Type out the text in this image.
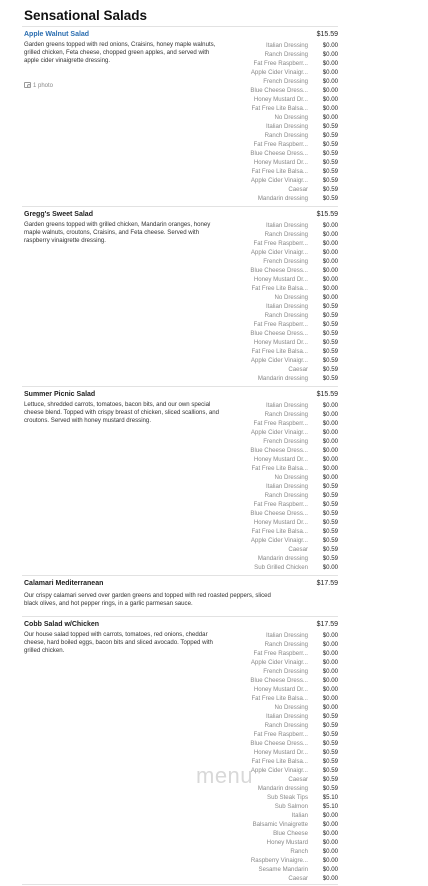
Sensational Salads
Apple Walnut Salad	$15.59
Garden greens topped with red onions, Craisins, honey maple walnuts, grilled chicken, Feta cheese, chopped green apples, and served with apple cider vinaigrette dressing.
1 photo
Italian Dressing $0.00
Ranch Dressing $0.00
Fat Free Raspberr... $0.00
Apple Cider Vinaigr... $0.00
French Dressing $0.00
Blue Cheese Dress... $0.00
Honey Mustard Dr... $0.00
Fat Free Lite Balsa... $0.00
No Dressing $0.00
Italian Dressing $0.59
Ranch Dressing $0.59
Fat Free Raspberr... $0.59
Blue Cheese Dress... $0.59
Honey Mustard Dr... $0.59
Fat Free Lite Balsa... $0.59
Apple Cider Vinaigr... $0.59
Caesar $0.59
Mandarin dressing $0.59
Gregg's Sweet Salad	$15.59
Garden greens topped with grilled chicken, Mandarin oranges, honey maple walnuts, croutons, Craisins, and Feta cheese. Served with raspberry vinaigrette dressing.
Italian Dressing $0.00
Ranch Dressing $0.00
Fat Free Raspberr... $0.00
Apple Cider Vinaigr... $0.00
French Dressing $0.00
Blue Cheese Dress... $0.00
Honey Mustard Dr... $0.00
Fat Free Lite Balsa... $0.00
No Dressing $0.00
Italian Dressing $0.59
Ranch Dressing $0.59
Fat Free Raspberr... $0.59
Blue Cheese Dress... $0.59
Honey Mustard Dr... $0.59
Fat Free Lite Balsa... $0.59
Apple Cider Vinaigr... $0.59
Caesar $0.59
Mandarin dressing $0.59
Summer Picnic Salad	$15.59
Lettuce, shredded carrots, tomatoes, bacon bits, and our own special cheese blend. Topped with crispy breast of chicken, sliced scallions, and croutons. Served with honey mustard dressing.
Italian Dressing $0.00
Ranch Dressing $0.00
Fat Free Raspberr... $0.00
Apple Cider Vinaigr... $0.00
French Dressing $0.00
Blue Cheese Dress... $0.00
Honey Mustard Dr... $0.00
Fat Free Lite Balsa... $0.00
No Dressing $0.00
Italian Dressing $0.59
Ranch Dressing $0.59
Fat Free Raspberr... $0.59
Blue Cheese Dress... $0.59
Honey Mustard Dr... $0.59
Fat Free Lite Balsa... $0.59
Apple Cider Vinaigr... $0.59
Caesar $0.59
Mandarin dressing $0.59
Sub Grilled Chicken $0.00
Calamari Mediterranean	$17.59
Our crispy calamari served over garden greens and topped with red roasted peppers, sliced black olives, and hot pepper rings, in a garlic parmesan sauce.
Cobb Salad w/Chicken	$17.59
Our house salad topped with carrots, tomatoes, red onions, cheddar cheese, hard boiled eggs, bacon bits and sliced avocado. Topped with grilled chicken.
Italian Dressing $0.00
Ranch Dressing $0.00
Fat Free Raspberr... $0.00
Apple Cider Vinaigr... $0.00
French Dressing $0.00
Blue Cheese Dress... $0.00
Honey Mustard Dr... $0.00
Fat Free Lite Balsa... $0.00
No Dressing $0.00
Italian Dressing $0.59
Ranch Dressing $0.59
Fat Free Raspberr... $0.59
Blue Cheese Dress... $0.59
Honey Mustard Dr... $0.59
Fat Free Lite Balsa... $0.59
Apple Cider Vinaigr... $0.59
Caesar $0.59
Mandarin dressing $0.59
Sub Steak Tips $5.10
Sub Salmon $5.10
Italian $0.00
Balsamic Vinaigrette $0.00
Blue Cheese $0.00
Honey Mustard $0.00
Ranch $0.00
Raspberry Vinaigre... $0.00
Sesame Mandarin $0.00
Caesar $0.00
menu
